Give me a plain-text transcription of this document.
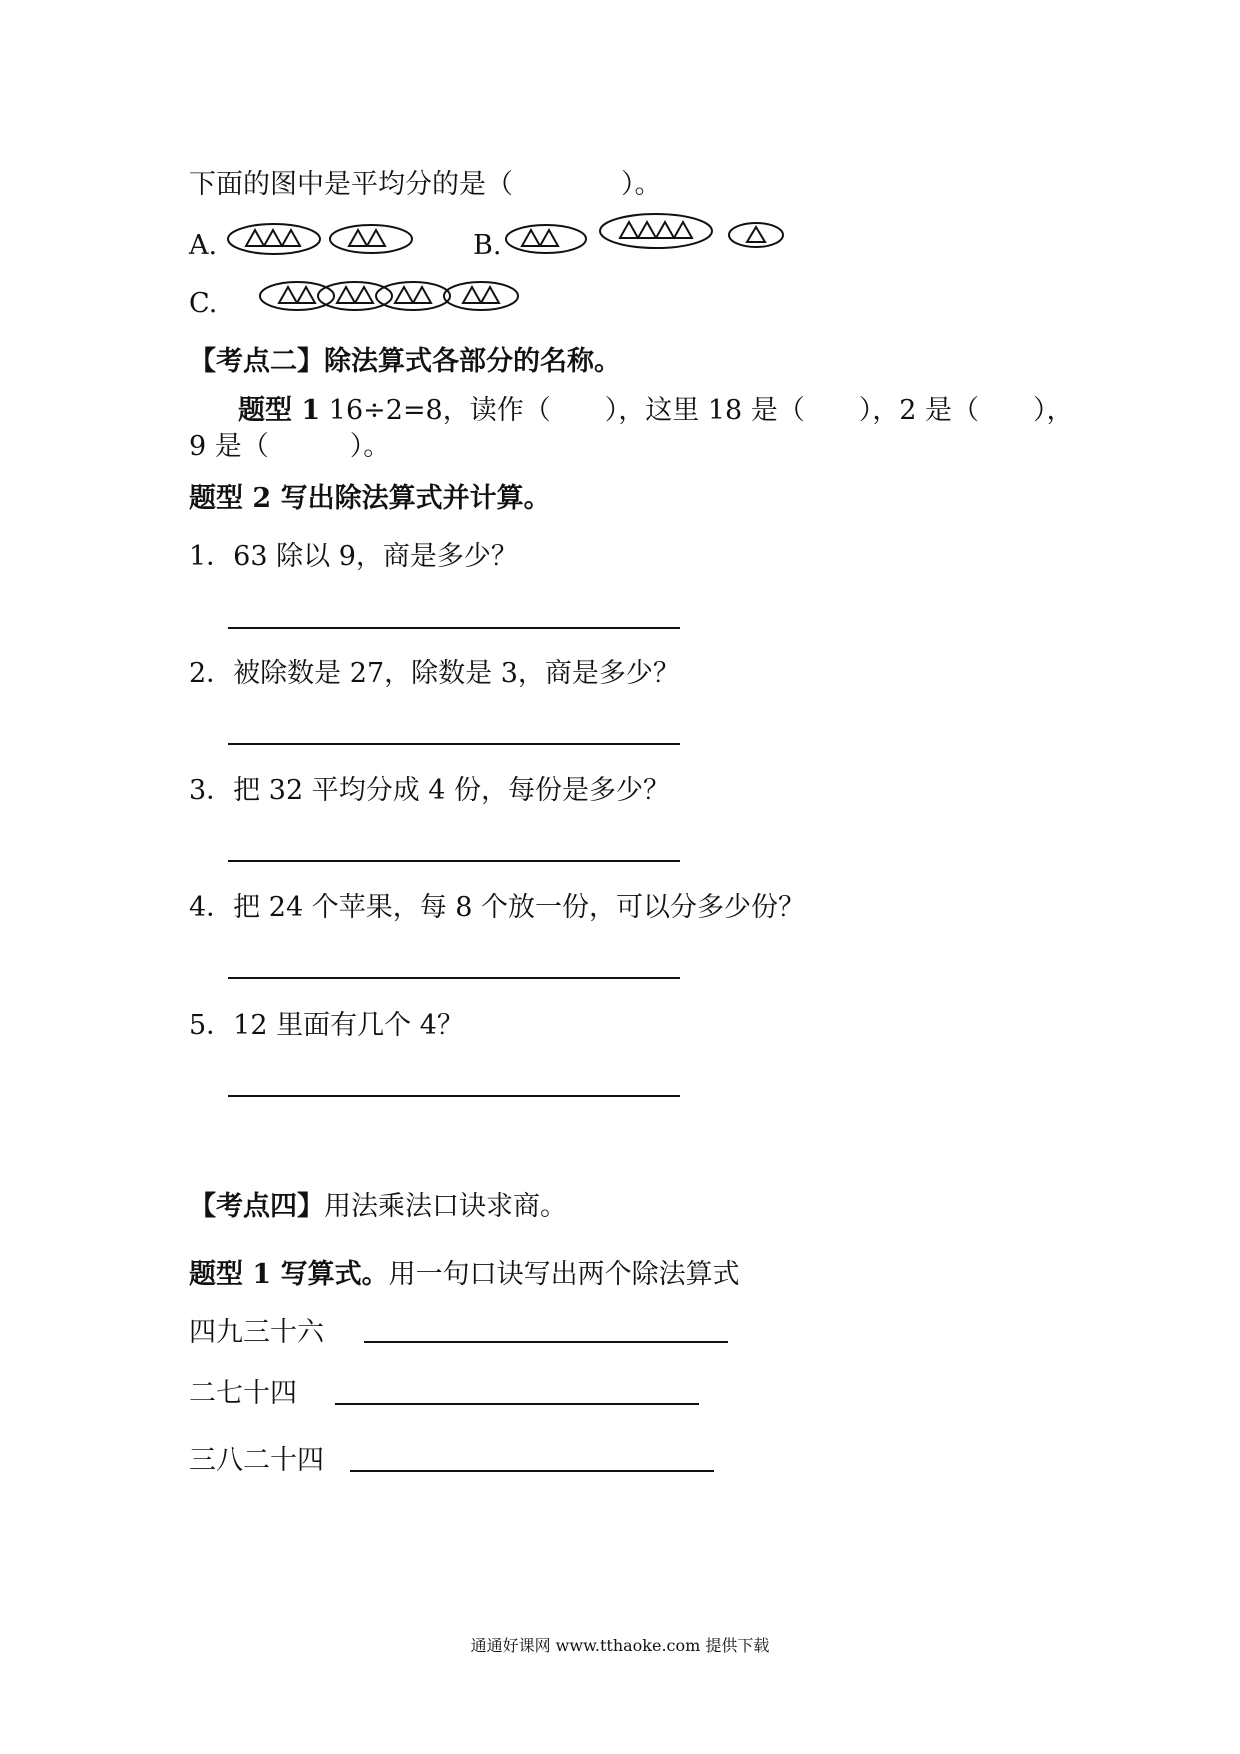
下面的图中是平均分的是（　　　　）。
A.	B.
C.
【考点二】除法算式各部分的名称。
题型 1 16÷2=8，读作（　　），这里 18 是（　　），2 是（　　），
9 是（　　　）。
题型 2 写出除法算式并计算。
1．63 除以 9，商是多少？
2．被除数是 27，除数是 3，商是多少？
3．把 32 平均分成 4 份，每份是多少？
4．把 24 个苹果，每 8 个放一份，可以分多少份？
5．12 里面有几个 4？
【考点四】用法乘法口诀求商。
题型 1 写算式。用一句口诀写出两个除法算式
四九三十六
二七十四
三八二十四
通通好课网 www.tthaoke.com 提供下载
